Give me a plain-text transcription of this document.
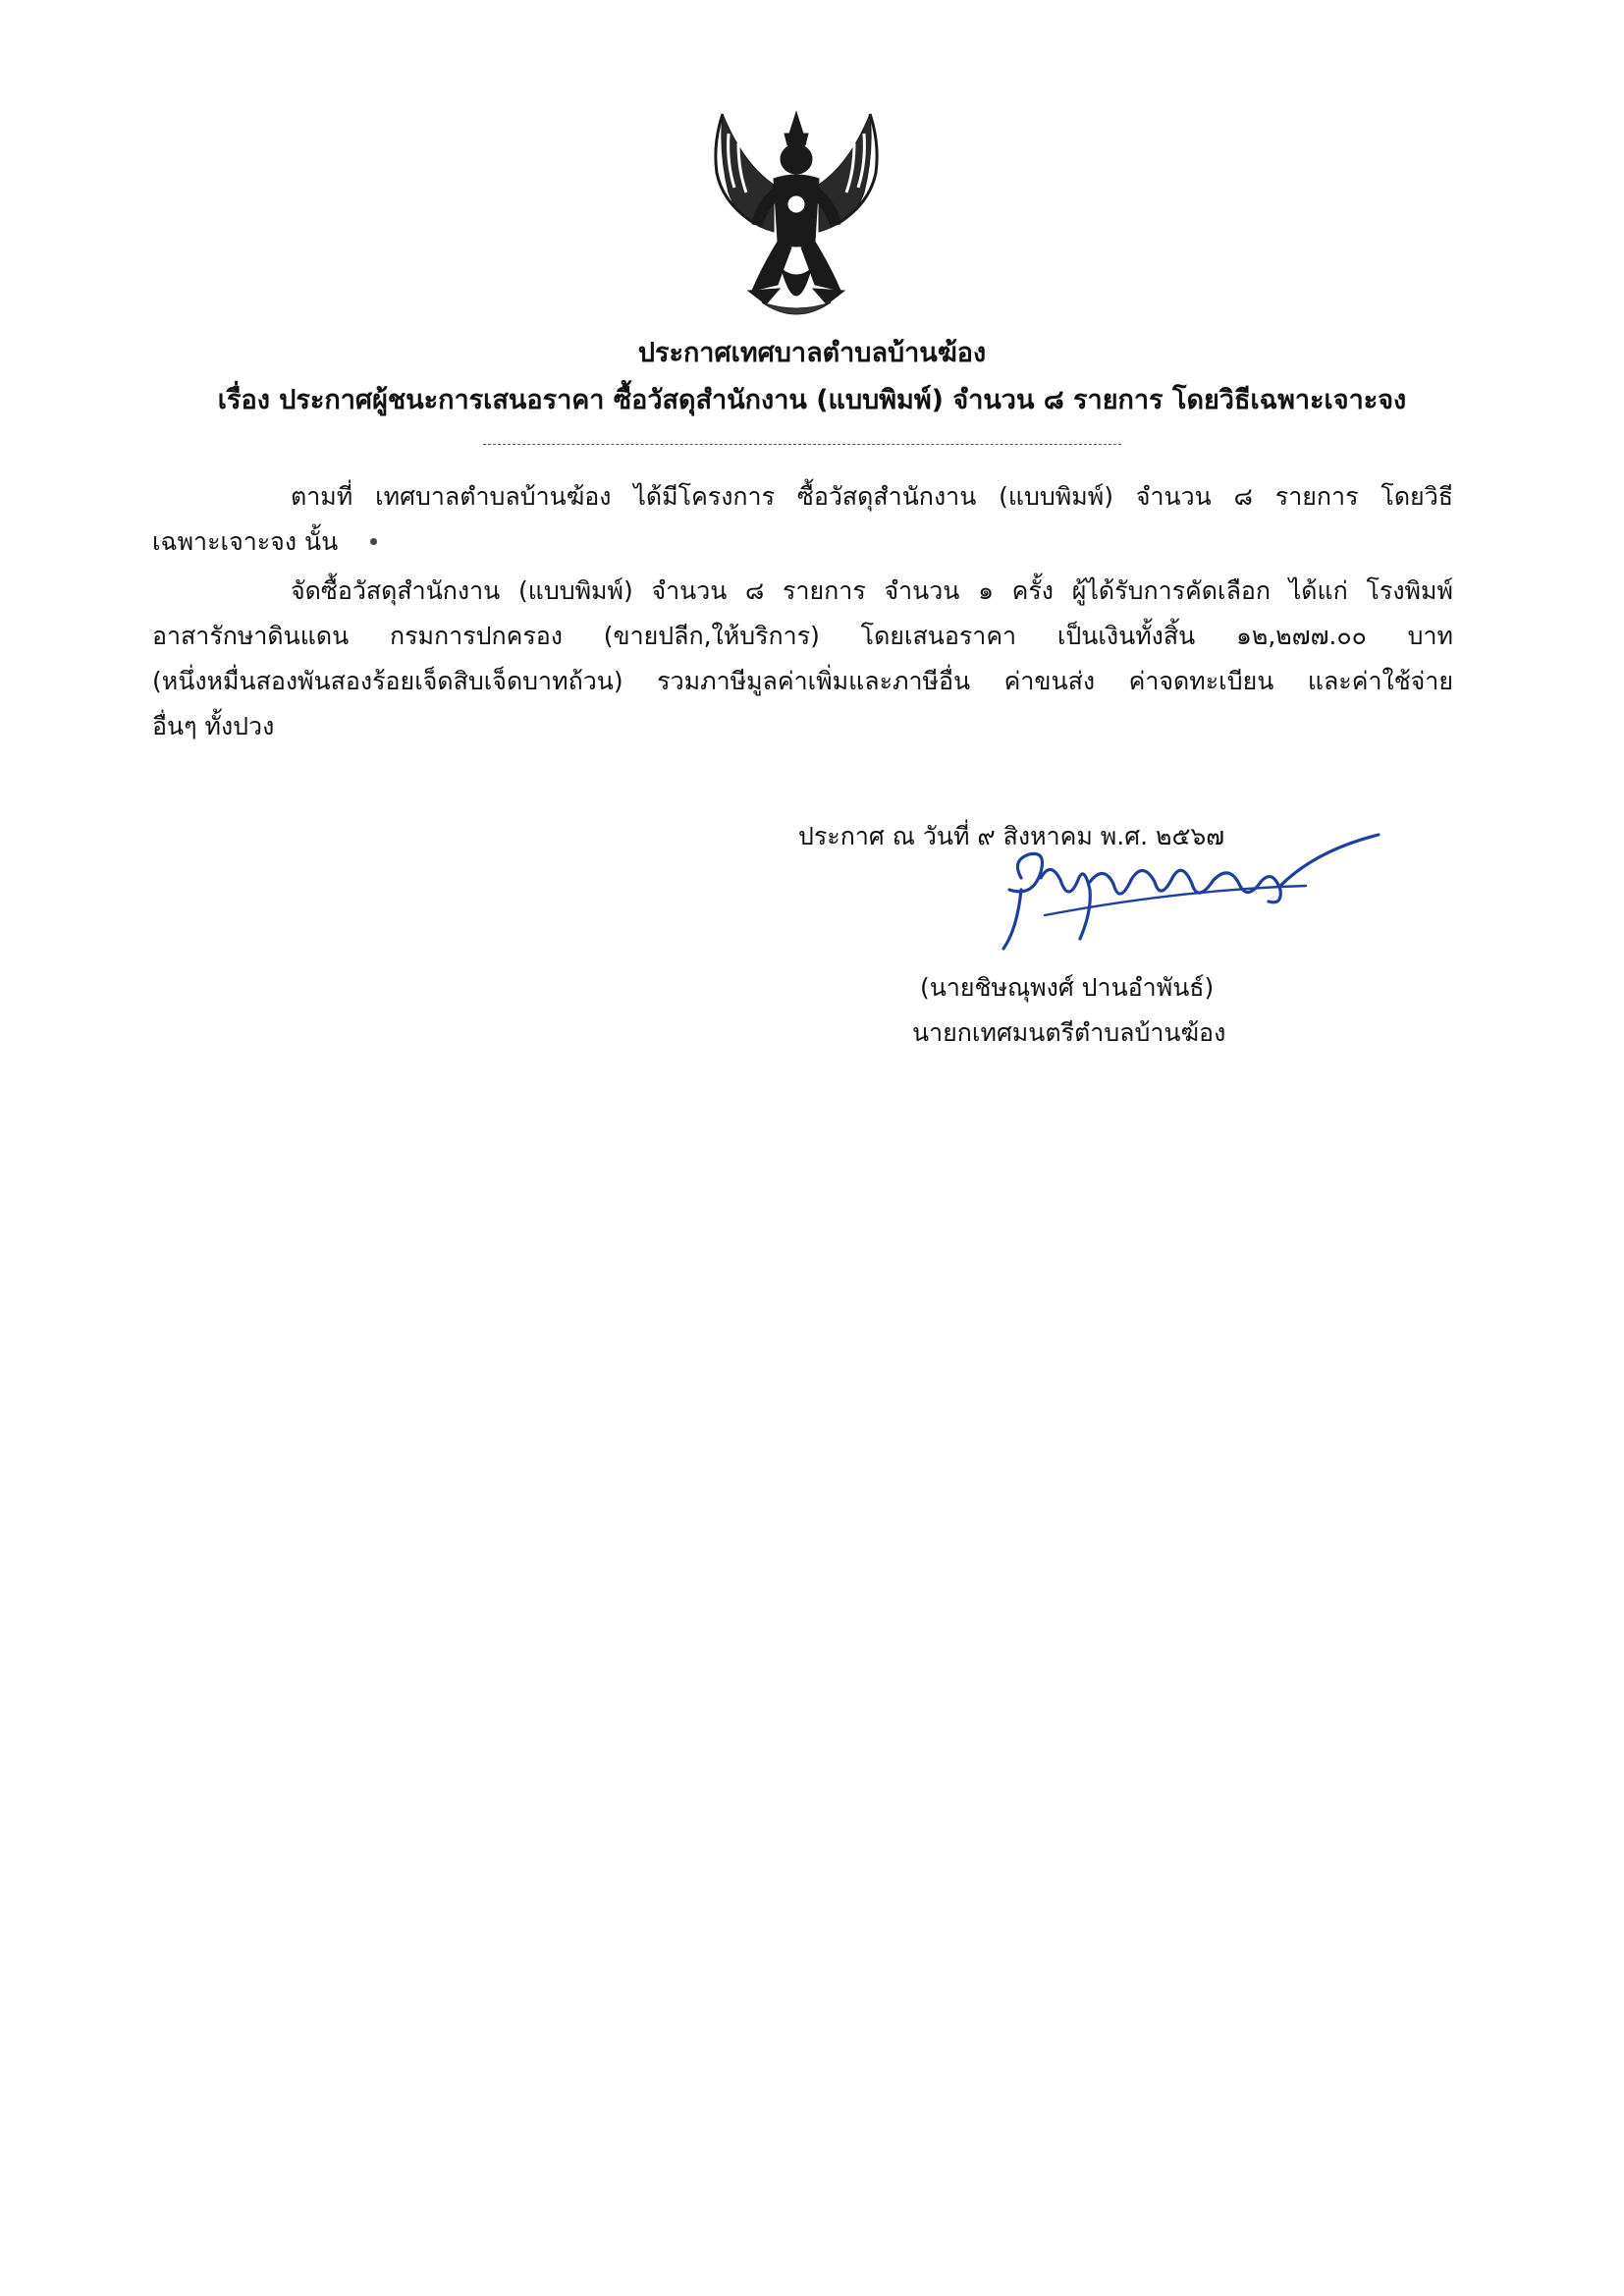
ประกาศเทศบาลตำบลบ้านฆ้อง
เรื่อง ประกาศผู้ชนะการเสนอราคา ซื้อวัสดุสำนักงาน (แบบพิมพ์) จำนวน ๘ รายการ โดยวิธีเฉพาะเจาะจง
ตามที่ เทศบาลตำบลบ้านฆ้อง ได้มีโครงการ ซื้อวัสดุสำนักงาน (แบบพิมพ์) จำนวน ๘ รายการ โดยวิธี
เฉพาะเจาะจง นั้น
จัดซื้อวัสดุสำนักงาน (แบบพิมพ์) จำนวน ๘ รายการ จำนวน ๑ ครั้ง ผู้ได้รับการคัดเลือก ได้แก่ โรงพิมพ์
อาสารักษาดินแดน กรมการปกครอง (ขายปลีก,ให้บริการ) โดยเสนอราคา เป็นเงินทั้งสิ้น ๑๒,๒๗๗.๐๐ บาท
(หนึ่งหมื่นสองพันสองร้อยเจ็ดสิบเจ็ดบาทถ้วน) รวมภาษีมูลค่าเพิ่มและภาษีอื่น ค่าขนส่ง ค่าจดทะเบียน และค่าใช้จ่าย
อื่นๆ ทั้งปวง
ประกาศ ณ วันที่ ๙ สิงหาคม พ.ศ. ๒๕๖๗
(นายชิษณุพงศ์ ปานอำพันธ์)
นายกเทศมนตรีตำบลบ้านฆ้อง
